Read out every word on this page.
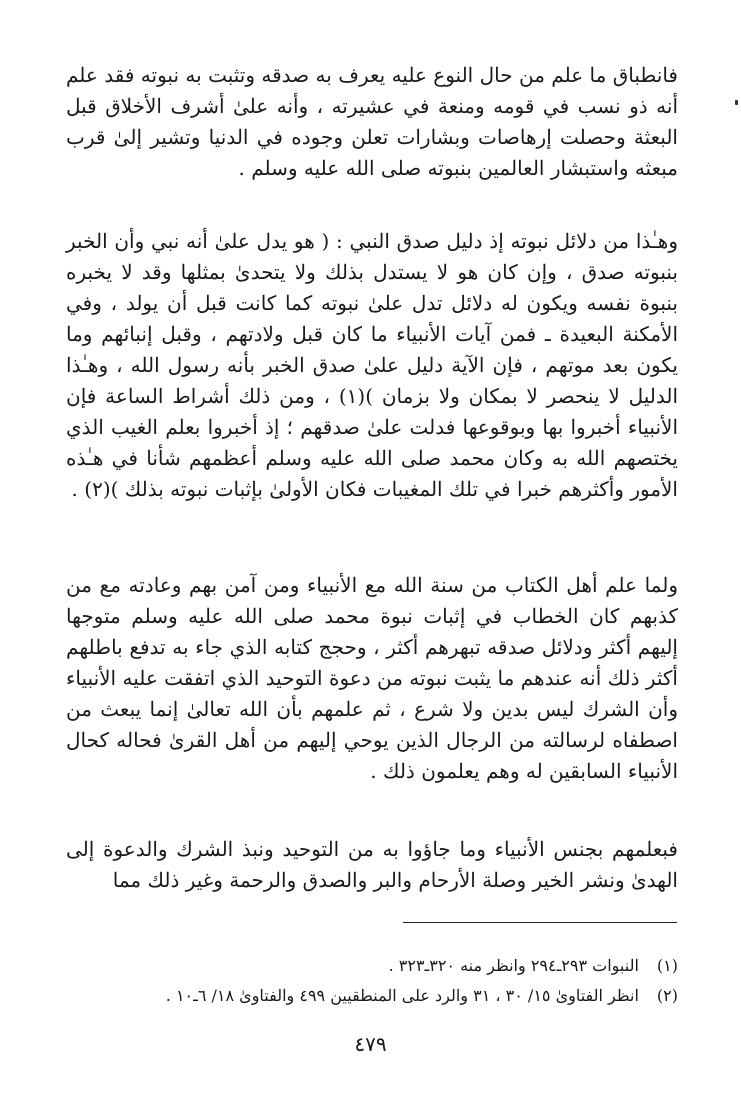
فانطباق ما علم من حال النوع عليه يعرف به صدقه وتثبت به نبوته فقد علم أنه ذو نسب في قومه ومنعة في عشيرته ، وأنه علىٰ أشرف الأخلاق قبل البعثة وحصلت إرهاصات وبشارات تعلن وجوده في الدنيا وتشير إلىٰ قرب مبعثه واستبشار العالمين بنبوته صلى الله عليه وسلم .

وهـٰذا من دلائل نبوته إذ دليل صدق النبي : ( هو يدل علىٰ أنه نبي وأن الخبر بنبوته صدق ، وإن كان هو لا يستدل بذلك ولا يتحدىٰ بمثلها وقد لا يخبره بنبوة نفسه ويكون له دلائل تدل علىٰ نبوته كما كانت قبل أن يولد ، وفي الأمكنة البعيدة ـ فمن آيات الأنبياء ما كان قبل ولادتهم ، وقبل إنبائهم وما يكون بعد موتهم ، فإن الآية دليل علىٰ صدق الخبر بأنه رسول الله ، وهـٰذا الدليل لا ينحصر لا بمكان ولا بزمان )(١) ، ومن ذلك أشراط الساعة فإن الأنبياء أخبروا بها وبوقوعها فدلت علىٰ صدقهم ؛ إذ أخبروا بعلم الغيب الذي يختصهم الله به وكان محمد صلى الله عليه وسلم أعظمهم شأنا في هـٰذه الأمور وأكثرهم خبرا في تلك المغيبات فكان الأولىٰ بإثبات نبوته بذلك )(٢) .

ولما علم أهل الكتاب من سنة الله مع الأنبياء ومن آمن بهم وعادته مع من كذبهم كان الخطاب في إثبات نبوة محمد صلى الله عليه وسلم متوجها إليهم أكثر ودلائل صدقه تبهرهم أكثر ، وحجج كتابه الذي جاء به تدفع باطلهم أكثر ذلك أنه عندهم ما يثبت نبوته من دعوة التوحيد الذي اتفقت عليه الأنبياء وأن الشرك ليس بدين ولا شرع ، ثم علمهم بأن الله تعالىٰ إنما يبعث من اصطفاه لرسالته من الرجال الذين يوحي إليهم من أهل القرىٰ فحاله كحال الأنبياء السابقين له وهم يعلمون ذلك .

فبعلمهم بجنس الأنبياء وما جاؤوا به من التوحيد ونبذ الشرك والدعوة إلى الهدىٰ ونشر الخير وصلة الأرحام والبر والصدق والرحمة وغير ذلك مما

(١) النبوات ٢٩٣ـ٢٩٤ وانظر منه ٣٢٠ـ٣٢٣ .
(٢) انظر الفتاوىٰ ١٥/ ٣٠ ، ٣١ والرد على المنطقيين ٤٩٩ والفتاوىٰ ١٨/ ٦ـ١٠ .
٤٧٩
